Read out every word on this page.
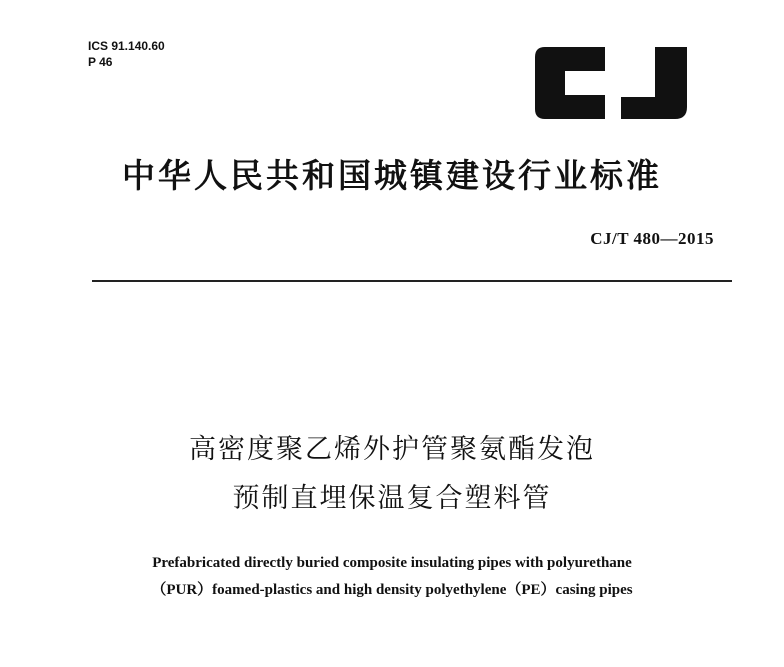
ICS 91.140.60
P 46
中华人民共和国城镇建设行业标准
CJ/T 480—2015
高密度聚乙烯外护管聚氨酯发泡
预制直埋保温复合塑料管
Prefabricated directly buried composite insulating pipes with polyurethane
（PUR）foamed-plastics and high density polyethylene（PE）casing pipes
